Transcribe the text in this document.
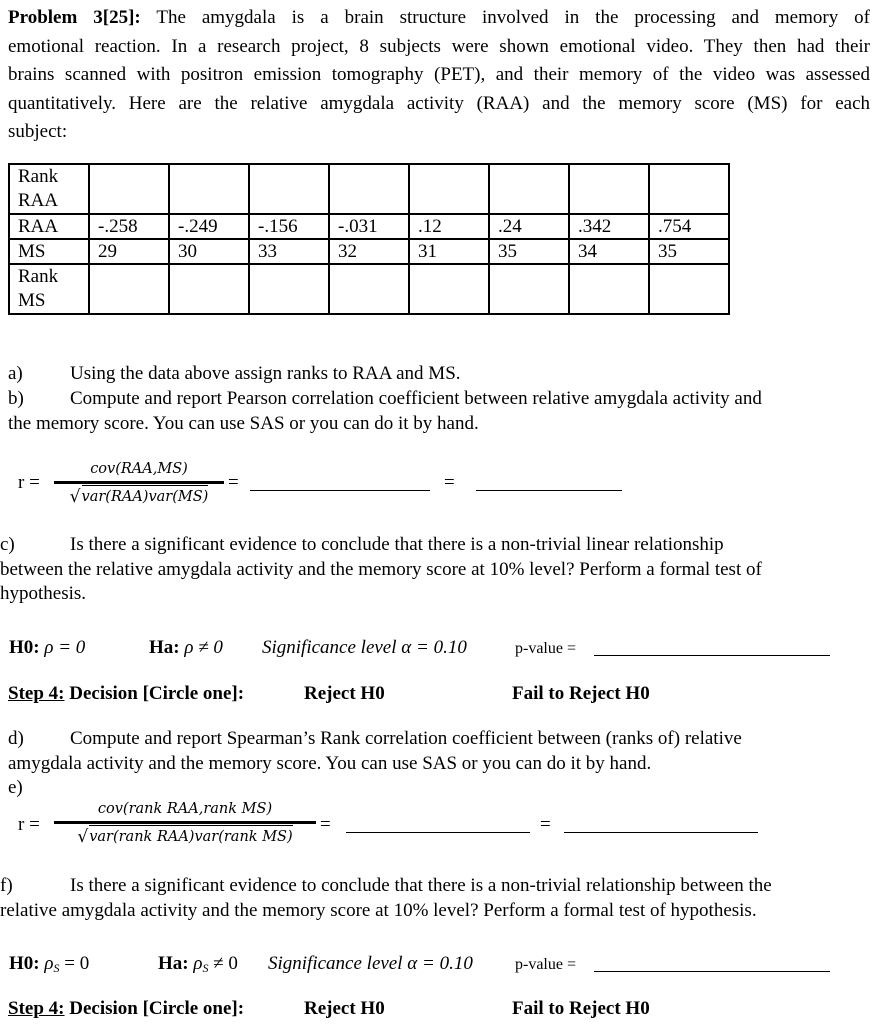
Problem 3[25]: The amygdala is a brain structure involved in the processing and memory of
emotional reaction. In a research project, 8 subjects were shown emotional video. They then had their
brains scanned with positron emission tomography (PET), and their memory of the video was assessed
quantitatively. Here are the relative amygdala activity (RAA) and the memory score (MS) for each
subject:
Rank
RAA								
RAA	-.258	-.249	-.156	-.031	.12	.24	.342	.754
MS	29	30	33	32	31	35	34	35
Rank
MS								
a) Using the data above assign ranks to RAA and MS.
b) Compute and report Pearson correlation coefficient between relative amygdala activity and
the memory score. You can use SAS or you can do it by hand.
r =
cov(RAA,MS)
√ var(RAA)var(MS)
=	=
c)	Is there a significant evidence to conclude that there is a non-trivial linear relationship
between the relative amygdala activity and the memory score at 10% level? Perform a formal test of
hypothesis.
H0: ρ = 0	Ha: ρ ≠ 0 Significance level α = 0.10	p-value =
Step 4: Decision [Circle one]:	Reject H0	Fail to Reject H0
d) Compute and report Spearman’s Rank correlation coefficient between (ranks of) relative
amygdala activity and the memory score. You can use SAS or you can do it by hand.
e)
r =
cov(rank RAA,rank MS)
√ var(rank RAA)var(rank MS)
=	=
f)	Is there a significant evidence to conclude that there is a non-trivial relationship between the
relative amygdala activity and the memory score at 10% level? Perform a formal test of hypothesis.
H0: $\rho_S = 0$	Ha: $\rho_S \ne 0$ Significance level α = 0.10	p-value =
Step 4: Decision [Circle one]:	Reject H0	Fail to Reject H0
